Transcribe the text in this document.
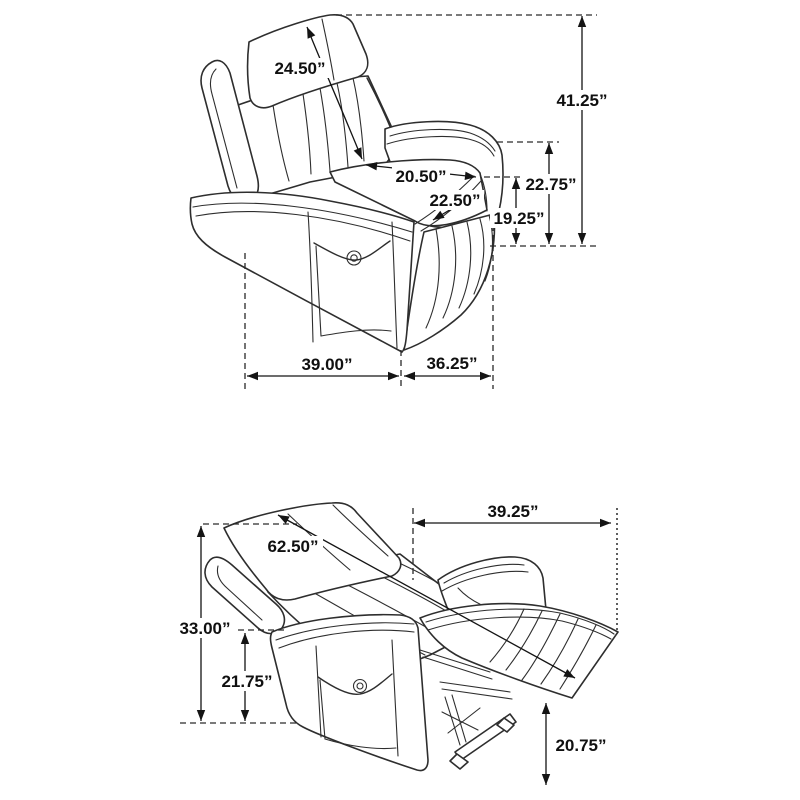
41.25”
22.75”
19.25”
24.50”
20.50”
22.50”
39.00”	36.25”
33.00”
21.75”
39.25”
62.50”
20.75”
